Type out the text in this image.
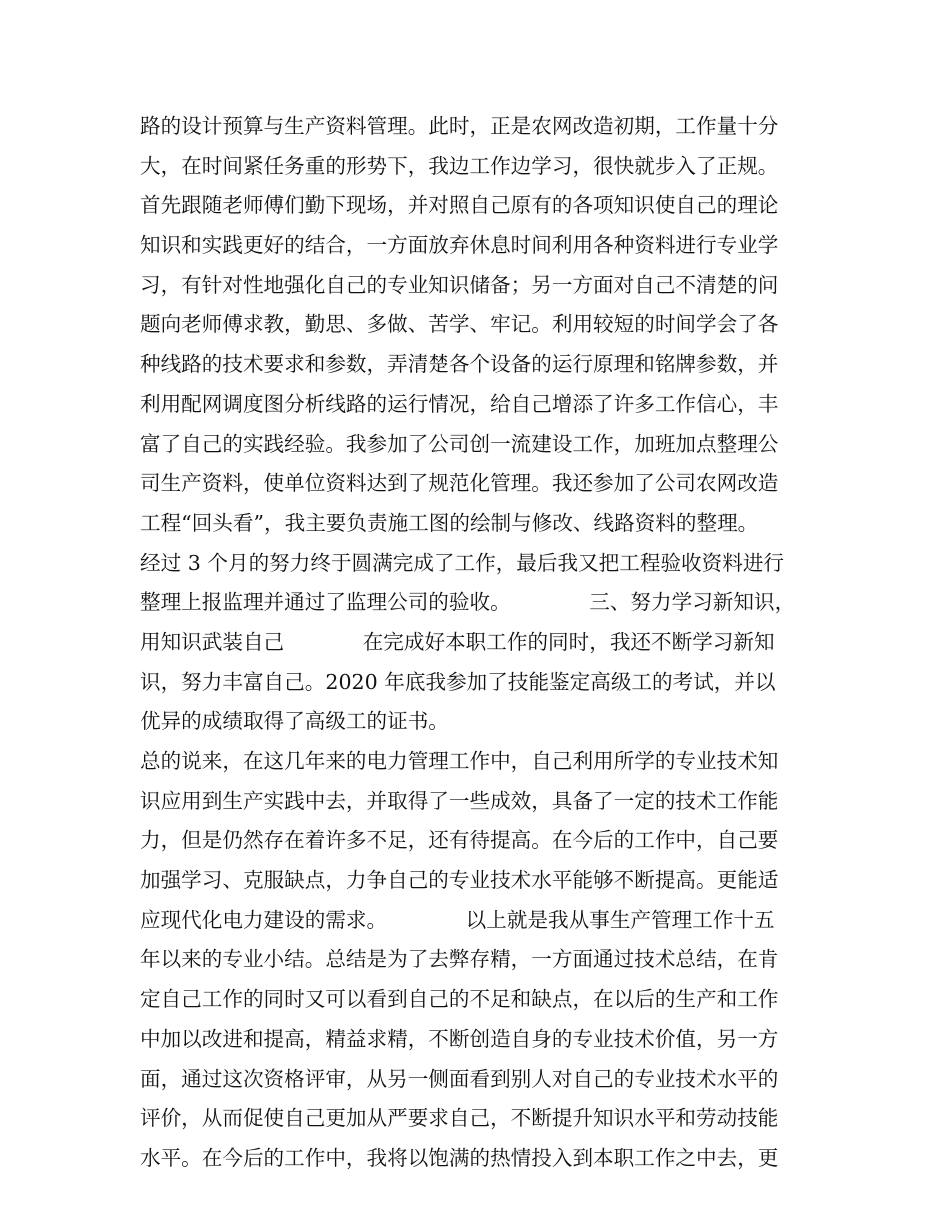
路的设计预算与生产资料管理。此时，正是农网改造初期，工作量十分
大，在时间紧任务重的形势下，我边工作边学习，很快就步入了正规。
首先跟随老师傅们勤下现场，并对照自己原有的各项知识使自己的理论
知识和实践更好的结合，一方面放弃休息时间利用各种资料进行专业学
习，有针对性地强化自己的专业知识储备；另一方面对自己不清楚的问
题向老师傅求教，勤思、多做、苦学、牢记。利用较短的时间学会了各
种线路的技术要求和参数，弄清楚各个设备的运行原理和铭牌参数，并
利用配网调度图分析线路的运行情况，给自己增添了许多工作信心，丰
富了自己的实践经验。我参加了公司创一流建设工作，加班加点整理公
司生产资料，使单位资料达到了规范化管理。我还参加了公司农网改造
工程“回头看”，我主要负责施工图的绘制与修改、线路资料的整理。
经过 3 个月的努力终于圆满完成了工作，最后我又把工程验收资料进行
整理上报监理并通过了监理公司的验收。            三、努力学习新知识，
用知识武装自己            在完成好本职工作的同时，我还不断学习新知
识，努力丰富自己。2020 年底我参加了技能鉴定高级工的考试，并以
优异的成绩取得了高级工的证书。
总的说来，在这几年来的电力管理工作中，自己利用所学的专业技术知
识应用到生产实践中去，并取得了一些成效，具备了一定的技术工作能
力，但是仍然存在着许多不足，还有待提高。在今后的工作中，自己要
加强学习、克服缺点，力争自己的专业技术水平能够不断提高。更能适
应现代化电力建设的需求。            以上就是我从事生产管理工作十五
年以来的专业小结。总结是为了去弊存精，一方面通过技术总结，在肯
定自己工作的同时又可以看到自己的不足和缺点，在以后的生产和工作
中加以改进和提高，精益求精，不断创造自身的专业技术价值，另一方
面，通过这次资格评审，从另一侧面看到别人对自己的专业技术水平的
评价，从而促使自己更加从严要求自己，不断提升知识水平和劳动技能
水平。在今后的工作中，我将以饱满的热情投入到本职工作之中去，更
